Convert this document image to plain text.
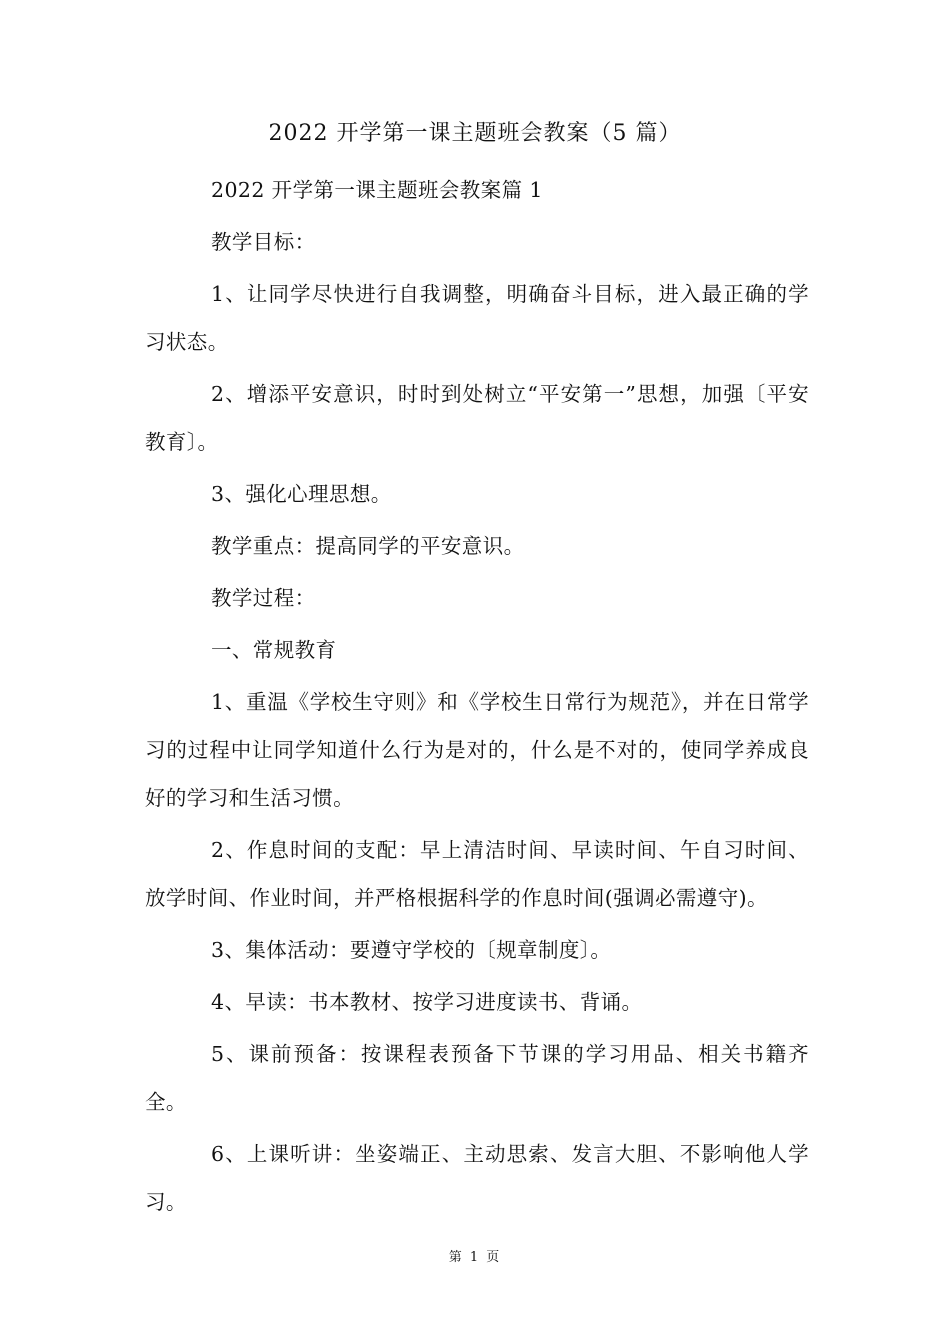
2022 开学第一课主题班会教案（5 篇）

2022 开学第一课主题班会教案篇 1

教学目标：

1、让同学尽快进行自我调整，明确奋斗目标，进入最正确的学习状态。

2、增添平安意识，时时到处树立“平安第一”思想，加强〔平安教育〕。

3、强化心理思想。

教学重点：提高同学的平安意识。

教学过程：

一、常规教育

1、重温《学校生守则》和《学校生日常行为规范》，并在日常学习的过程中让同学知道什么行为是对的，什么是不对的，使同学养成良好的学习和生活习惯。

2、作息时间的支配：早上清洁时间、早读时间、午自习时间、放学时间、作业时间，并严格根据科学的作息时间(强调必需遵守)。

3、集体活动：要遵守学校的〔规章制度〕。

4、早读：书本教材、按学习进度读书、背诵。

5、课前预备：按课程表预备下节课的学习用品、相关书籍齐全。

6、上课听讲：坐姿端正、主动思索、发言大胆、不影响他人学习。

第 1 页
